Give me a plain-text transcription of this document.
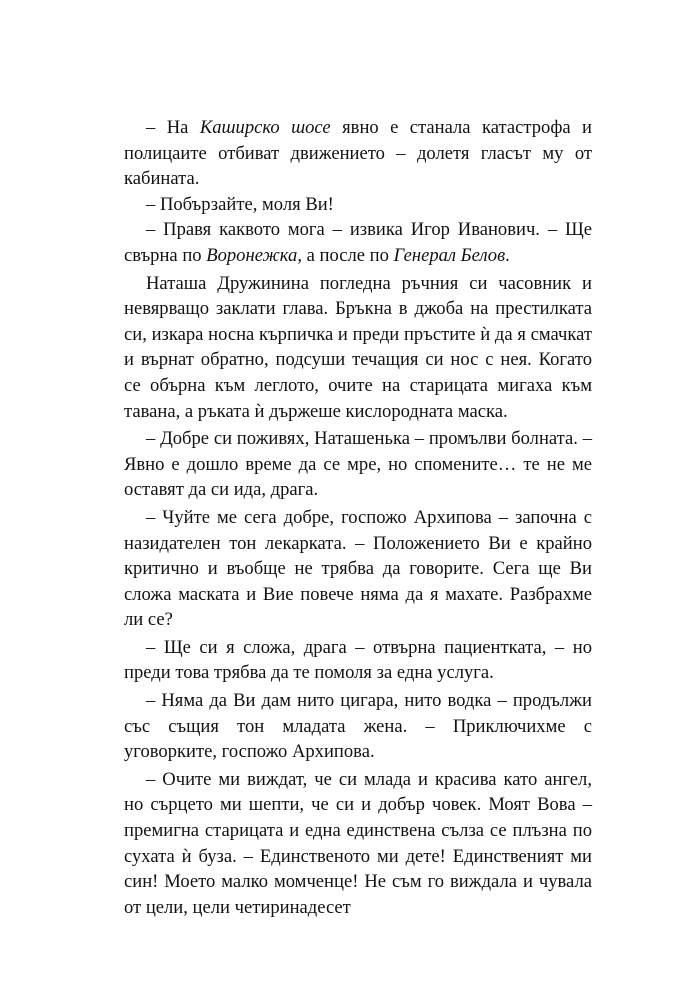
– На Каширско шосе явно е станала катастрофа и полицаите отбиват движението – долетя гласът му от кабината.

– Побързайте, моля Ви!

– Правя каквото мога – извика Игор Иванович. – Ще свърна по Воронежка, а после по Генерал Белов.

Наташа Дружинина погледна ръчния си часовник и невярващо заклати глава. Бръкна в джоба на престилката си, изкара носна кърпичка и преди пръстите ѝ да я смачкат и върнат обратно, подсуши течащия си нос с нея. Когато се обърна към леглото, очите на старицата мигаха към тавана, а ръката ѝ държеше кислородната маска.

– Добре си поживях, Наташенька – промълви болната. – Явно е дошло време да се мре, но спомените… те не ме оставят да си ида, драга.

– Чуйте ме сега добре, госпожо Архипова – започна с назидателен тон лекарката. – Положението Ви е крайно критично и въобще не трябва да говорите. Сега ще Ви сложа маската и Вие повече няма да я махате. Разбрахме ли се?

– Ще си я сложа, драга – отвърна пациентката, – но преди това трябва да те помоля за една услуга.

– Няма да Ви дам нито цигара, нито водка – продължи със същия тон младата жена. – Приключихме с уговорките, госпожо Архипова.

– Очите ми виждат, че си млада и красива като ангел, но сърцето ми шепти, че си и добър човек. Моят Вова – премигна старицата и една единствена сълза се плъзна по сухата ѝ буза. – Единственото ми дете! Единственият ми син! Моето малко момченце! Не съм го виждала и чувала от цели, цели четиринадесет
